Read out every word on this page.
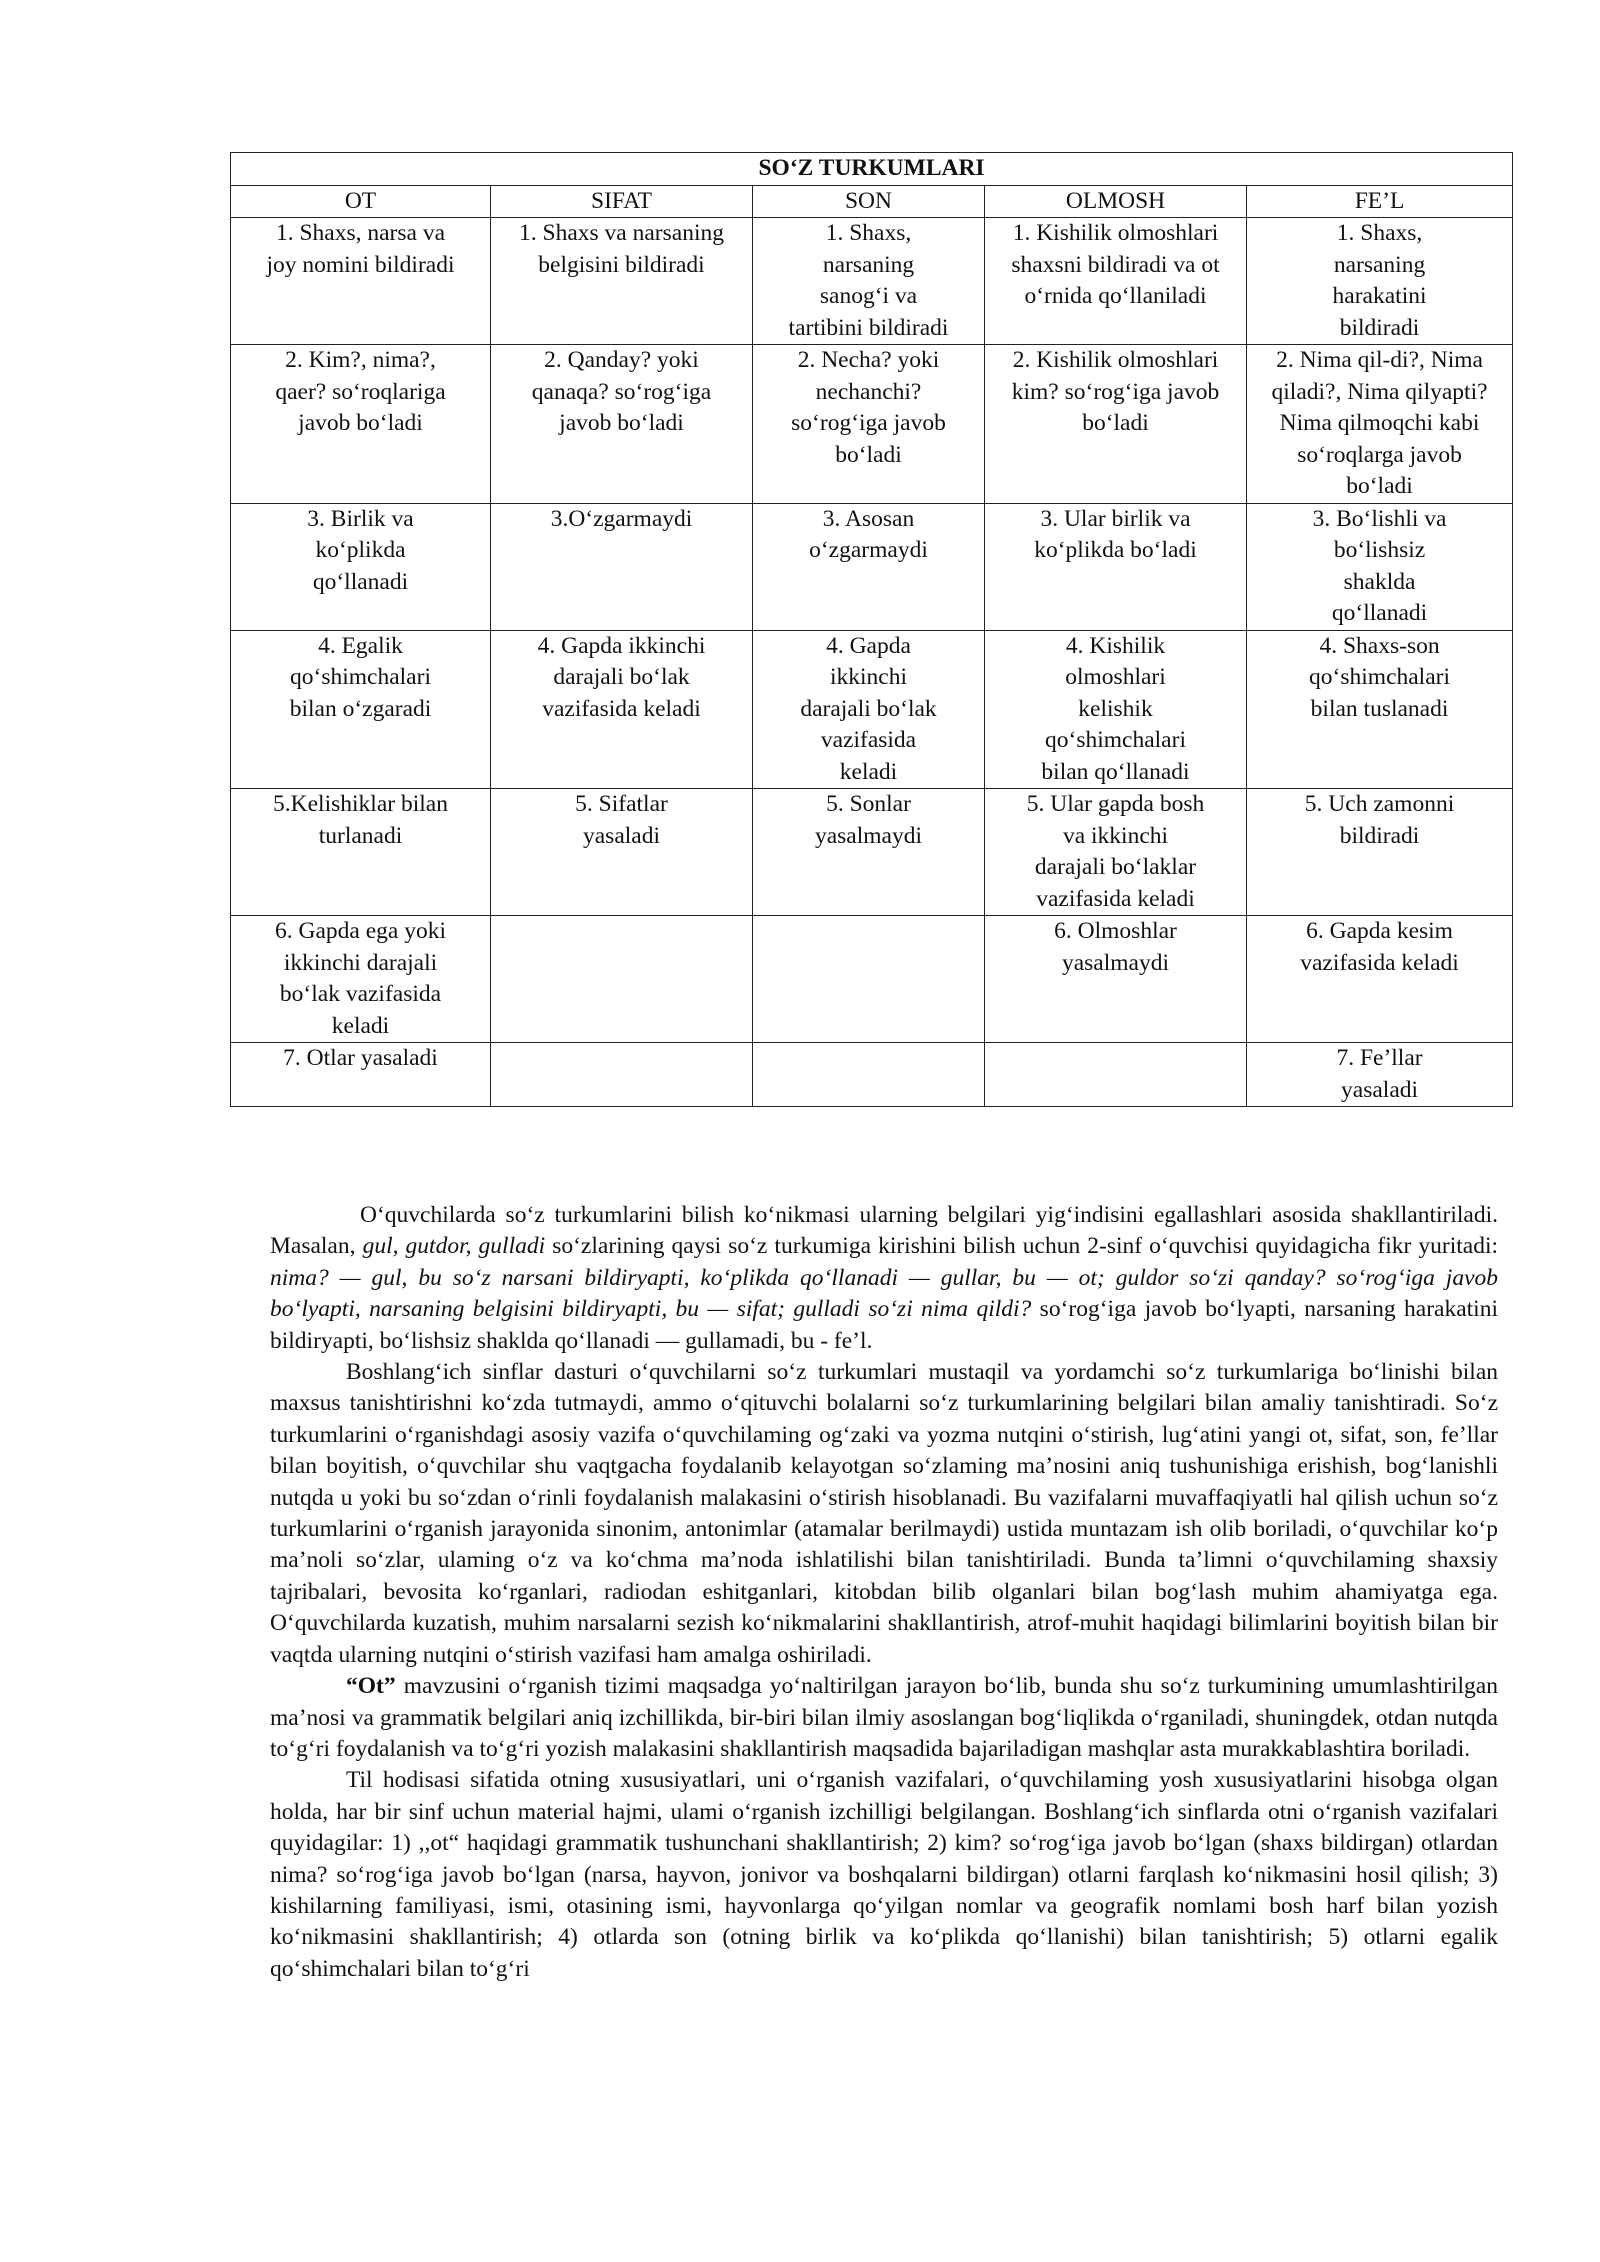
SO‘Z TURKUMLARI				
OT	SIFAT	SON	OLMOSH	FE’L
1. Shaxs, narsa va joy nomini bildiradi	1. Shaxs va narsaning belgisini bildiradi	1. Shaxs, narsaning sanog‘i va tartibini bildiradi	1. Kishilik olmoshlari shaxsni bildiradi va ot o‘rnida qo‘llaniladi	1. Shaxs, narsaning harakatini bildiradi
2. Kim?, nima?, qaer? so‘roqlariga javob bo‘ladi	2. Qanday? yoki qanaqa? so‘rog‘iga javob bo‘ladi	2. Necha? yoki nechanchi? so‘rog‘iga javob bo‘ladi	2. Kishilik olmoshlari kim? so‘rog‘iga javob bo‘ladi	2. Nima qil-di?, Nima qiladi?, Nima qilyapti? Nima qilmoqchi kabi so‘roqlarga javob bo‘ladi
3. Birlik va ko‘plikda qo‘llanadi	3.O‘zgarmaydi	3. Asosan o‘zgarmaydi	3. Ular birlik va ko‘plikda bo‘ladi	3. Bo‘lishli va bo‘lishsiz shaklda qo‘llanadi
4. Egalik qo‘shimchalari bilan o‘zgaradi	4. Gapda ikkinchi darajali bo‘lak vazifasida keladi	4. Gapda ikkinchi darajali bo‘lak vazifasida keladi	4. Kishilik olmoshlari kelishik qo‘shimchalari bilan qo‘llanadi	4. Shaxs-son qo‘shimchalari bilan tuslanadi
5.Kelishiklar bilan turlanadi	5. Sifatlar yasaladi	5. Sonlar yasalmaydi	5. Ular gapda bosh va ikkinchi darajali bo‘laklar vazifasida keladi	5. Uch zamonni bildiradi
6. Gapda ega yoki ikkinchi darajali bo‘lak vazifasida keladi			6. Olmoshlar yasalmaydi	6. Gapda kesim vazifasida keladi
7. Otlar yasaladi				7. Fe’llar yasaladi

O‘quvchilarda so‘z turkumlarini bilish ko‘nikmasi ularning belgilari yig‘indisini egallashlari asosida shakllantiriladi. Masalan, gul, gutdor, gulladi so‘zlarining qaysi so‘z turkumiga kirishini bilish uchun 2-sinf o‘quvchisi quyidagicha fikr yuritadi: nima? — gul, bu so‘z narsani bildiryapti, ko‘plikda qo‘llanadi — gullar, bu — ot; guldor so‘zi qanday? so‘rog‘iga javob bo‘lyapti, narsaning belgisini bildiryapti, bu — sifat; gulladi so‘zi nima qildi? so‘rog‘iga javob bo‘lyapti, narsaning harakatini bildiryapti, bo‘lishsiz shaklda qo‘llanadi — gullamadi, bu - fe’l.

Boshlang‘ich sinflar dasturi o‘quvchilarni so‘z turkumlari mustaqil va yordamchi so‘z turkumlariga bo‘linishi bilan maxsus tanishtirishni ko‘zda tutmaydi, ammo o‘qituvchi bolalarni so‘z turkumlarining belgilari bilan amaliy tanishtiradi. So‘z turkumlarini o‘rganishdagi asosiy vazifa o‘quvchilaming og‘zaki va yozma nutqini o‘stirish, lug‘atini yangi ot, sifat, son, fe’llar bilan boyitish, o‘quvchilar shu vaqtgacha foydalanib kelayotgan so‘zlaming ma’nosini aniq tushunishiga erishish, bog‘lanishli nutqda u yoki bu so‘zdan o‘rinli foydalanish malakasini o‘stirish hisoblanadi. Bu vazifalarni muvaffaqiyatli hal qilish uchun so‘z turkumlarini o‘rganish jarayonida sinonim, antonimlar (atamalar berilmaydi) ustida muntazam ish olib boriladi, o‘quvchilar ko‘p ma’noli so‘zlar, ulaming o‘z va ko‘chma ma’noda ishlatilishi bilan tanishtiriladi. Bunda ta’limni o‘quvchilaming shaxsiy tajribalari, bevosita ko‘rganlari, radiodan eshitganlari, kitobdan bilib olganlari bilan bog‘lash muhim ahamiyatga ega. O‘quvchilarda kuzatish, muhim narsalarni sezish ko‘nikmalarini shakllantirish, atrof-muhit haqidagi bilimlarini boyitish bilan bir vaqtda ularning nutqini o‘stirish vazifasi ham amalga oshiriladi.

“Ot” mavzusini o‘rganish tizimi maqsadga yo‘naltirilgan jarayon bo‘lib, bunda shu so‘z turkumining umumlashtirilgan ma’nosi va grammatik belgilari aniq izchillikda, bir-biri bilan ilmiy asoslangan bog‘liqlikda o‘rganiladi, shuningdek, otdan nutqda to‘g‘ri foydalanish va to‘g‘ri yozish malakasini shakllantirish maqsadida bajariladigan mashqlar asta murakkablashtira boriladi.

Til hodisasi sifatida otning xususiyatlari, uni o‘rganish vazifalari, o‘quvchilaming yosh xususiyatlarini hisobga olgan holda, har bir sinf uchun material hajmi, ulami o‘rganish izchilligi belgilangan. Boshlang‘ich sinflarda otni o‘rganish vazifalari quyidagilar: 1) ,,ot“ haqidagi grammatik tushunchani shakllantirish; 2) kim? so‘rog‘iga javob bo‘lgan (shaxs bildirgan) otlardan nima? so‘rog‘iga javob bo‘lgan (narsa, hayvon, jonivor va boshqalarni bildirgan) otlarni farqlash ko‘nikmasini hosil qilish; 3) kishilarning familiyasi, ismi, otasining ismi, hayvonlarga qo‘yilgan nomlar va geografik nomlami bosh harf bilan yozish ko‘nikmasini shakllantirish; 4) otlarda son (otning birlik va ko‘plikda qo‘llanishi) bilan tanishtirish; 5) otlarni egalik qo‘shimchalari bilan to‘g‘ri
